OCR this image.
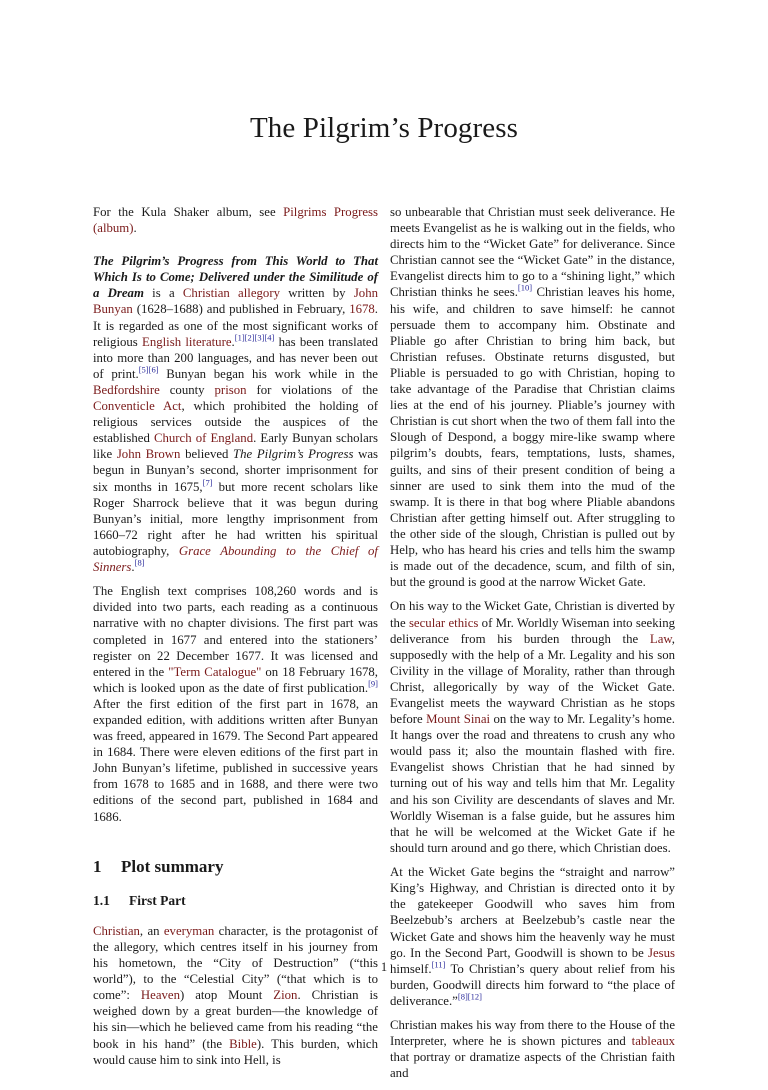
The Pilgrim’s Progress

For the Kula Shaker album, see Pilgrims Progress (album).

The Pilgrim’s Progress from This World to That Which Is to Come; Delivered under the Similitude of a Dream is a Christian allegory written by John Bunyan (1628–1688) and published in February, 1678. It is regarded as one of the most significant works of religious English literature.[1][2][3][4] has been translated into more than 200 languages, and has never been out of print.[5][6] Bunyan began his work while in the Bedfordshire county prison for violations of the Conventicle Act, which prohibited the holding of religious services outside the auspices of the established Church of England. Early Bunyan scholars like John Brown believed The Pilgrim’s Progress was begun in Bunyan’s second, shorter imprisonment for six months in 1675,[7] but more recent scholars like Roger Sharrock believe that it was begun during Bunyan’s initial, more lengthy imprisonment from 1660–72 right after he had written his spiritual autobiography, Grace Abounding to the Chief of Sinners.[8]

The English text comprises 108,260 words and is divided into two parts, each reading as a continuous narrative with no chapter divisions. The first part was completed in 1677 and entered into the stationers’ register on 22 December 1677. It was licensed and entered in the "Term Catalogue" on 18 February 1678, which is looked upon as the date of first publication.[9] After the first edition of the first part in 1678, an expanded edition, with additions written after Bunyan was freed, appeared in 1679. The Second Part appeared in 1684. There were eleven editions of the first part in John Bunyan’s lifetime, published in successive years from 1678 to 1685 and in 1688, and there were two editions of the second part, published in 1684 and 1686.

1 Plot summary
1.1 First Part

Christian, an everyman character, is the protagonist of the allegory, which centres itself in his journey from his hometown, the “City of Destruction” (“this world”), to the “Celestial City” (“that which is to come”: Heaven) atop Mount Zion. Christian is weighed down by a great burden—the knowledge of his sin—which he believed came from his reading “the book in his hand” (the Bible). This burden, which would cause him to sink into Hell, is

so unbearable that Christian must seek deliverance. He meets Evangelist as he is walking out in the fields, who directs him to the “Wicket Gate” for deliverance. Since Christian cannot see the “Wicket Gate” in the distance, Evangelist directs him to go to a “shining light,” which Christian thinks he sees.[10] Christian leaves his home, his wife, and children to save himself: he cannot persuade them to accompany him. Obstinate and Pliable go after Christian to bring him back, but Christian refuses. Obstinate returns disgusted, but Pliable is persuaded to go with Christian, hoping to take advantage of the Paradise that Christian claims lies at the end of his journey. Pliable’s journey with Christian is cut short when the two of them fall into the Slough of Despond, a boggy mire-like swamp where pilgrim’s doubts, fears, temptations, lusts, shames, guilts, and sins of their present condition of being a sinner are used to sink them into the mud of the swamp. It is there in that bog where Pliable abandons Christian after getting himself out. After struggling to the other side of the slough, Christian is pulled out by Help, who has heard his cries and tells him the swamp is made out of the decadence, scum, and filth of sin, but the ground is good at the narrow Wicket Gate.

On his way to the Wicket Gate, Christian is diverted by the secular ethics of Mr. Worldly Wiseman into seeking deliverance from his burden through the Law, supposedly with the help of a Mr. Legality and his son Civility in the village of Morality, rather than through Christ, allegorically by way of the Wicket Gate. Evangelist meets the wayward Christian as he stops before Mount Sinai on the way to Mr. Legality’s home. It hangs over the road and threatens to crush any who would pass it; also the mountain flashed with fire. Evangelist shows Christian that he had sinned by turning out of his way and tells him that Mr. Legality and his son Civility are descendants of slaves and Mr. Worldly Wiseman is a false guide, but he assures him that he will be welcomed at the Wicket Gate if he should turn around and go there, which Christian does.

At the Wicket Gate begins the “straight and narrow” King’s Highway, and Christian is directed onto it by the gatekeeper Goodwill who saves him from Beelzebub’s archers at Beelzebub’s castle near the Wicket Gate and shows him the heavenly way he must go. In the Second Part, Goodwill is shown to be Jesus himself.[11] To Christian’s query about relief from his burden, Goodwill directs him forward to “the place of deliverance.”[8][12]

Christian makes his way from there to the House of the Interpreter, where he is shown pictures and tableaux that portray or dramatize aspects of the Christian faith and

1
